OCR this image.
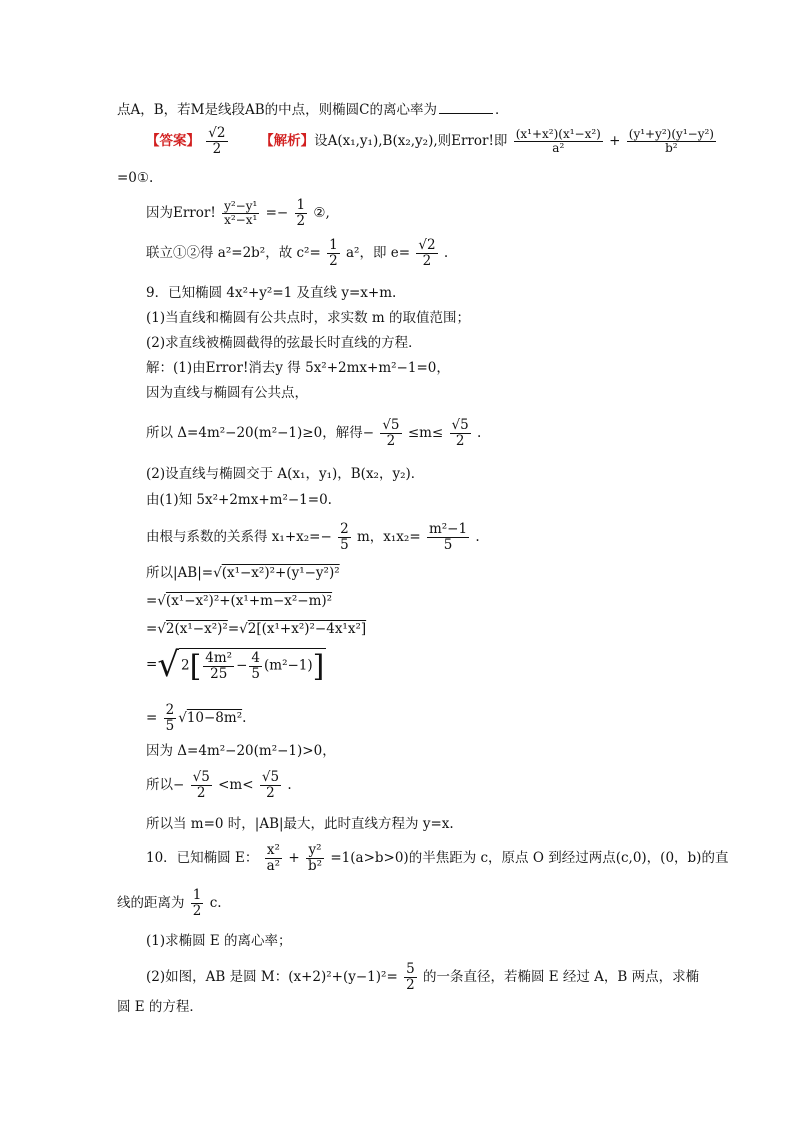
点A，B，若M是线段AB的中点，则椭圆C的离心率为	．
【答案】 $\frac{√2}{2}$ 【解析】设A(x₁,y₁),B(x₂,y₂),则Error!即 $\frac{\text{(x¹+x²)(x¹−x²)}}{\text{a²}} + \frac{\text{(y¹+y²)(y¹−y²)}}{\text{b²}}$
=0①.
因为Error! $\frac{\text{y²−y¹}}{\text{x²−x¹}} =- \frac{1}{2}$ ②,
联立①②得 a²=2b²，故 $c^2= \frac{1}{2} a^2$，即 $e= \frac{√2}{2}$ .
9．已知椭圆 4x²+y²=1 及直线 y=x+m.
(1)当直线和椭圆有公共点时，求实数 m 的取值范围；
(2)求直线被椭圆截得的弦最长时直线的方程．
解：(1)由Error!消去y 得 5x²+2mx+m²−1=0，
因为直线与椭圆有公共点，
所以 Δ=4m²−20(m²−1)≥0，解得− $\frac{√5}{2} \le m\le \frac{√5}{2}$ .
(2)设直线与椭圆交于 A(x₁，y₁)，B(x₂，y₂)．
由(1)知 5x²+2mx+m²−1=0.
由根与系数的关系得 $x_1+x_2=- \frac{2}{5}$ m，$x_1x_2= \frac{\text{m²−1}}{5}$ .
所以|AB|=√(x¹−x²)²+(y¹−y²)²
=√(x¹−x²)²+(x¹+m−x²−m)²
=√2(x¹−x²)²=√2[(x¹+x²)²−4x¹x²]
=√ $2[ \frac{\text{4m²}}{25} - \frac{4}{5} (m^2-1)]$
= $\frac{2}{5} √10-8m^2$.
因为 Δ=4m²−20(m²−1)>0，
所以− $\frac{√5}{2} <m< \frac{√5}{2}$ .
所以当 m=0 时，|AB|最大，此时直线方程为 y=x.
10．已知椭圆 E： $\frac{\text{x²}}{\text{a²}} + \frac{\text{y²}}{\text{b²}} =1(a>b>0)$的半焦距为 c，原点 O 到经过两点(c,0)，(0，b)的直
线的距离为 $\frac{1}{2} c$.
(1)求椭圆 E 的离心率；
(2)如图，AB 是圆 M：$(x+2)^2+(y-1)^2= \frac{5}{2}$ 的一条直径，若椭圆 E 经过 A，B 两点，求椭
圆 E 的方程．
